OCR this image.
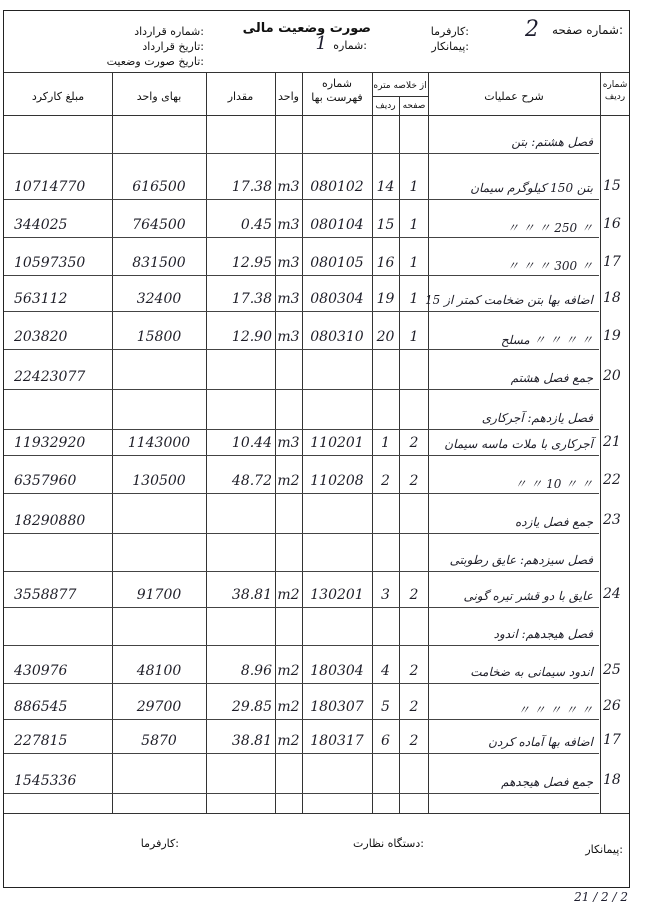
شماره صفحه:
2
کارفرما:
پیمانکار:
صورت وضعیت مالی
شماره:
1
شماره قرارداد:
تاریخ قرارداد:
تاریخ صورت وضعیت:
شماره ردیف
شرح عملیات
از خلاصه متره
صفحه
ردیف
شماره فهرست بها
واحد
مقدار
بهای واحد
مبلغ کارکرد
فصل هشتم: بتن
15
بتن 150 کیلوگرم سیمان
1
14
080102
m3
17.38
616500
10714770
16
〃 250 〃 〃 〃
1
15
080104
m3
0.45
764500
344025
17
〃 300 〃 〃 〃
1
16
080105
m3
12.95
831500
10597350
18
اضافه بها بتن ضخامت کمتر از 15
1
19
080304
m3
17.38
32400
563112
19
〃 〃 〃 〃 مسلح
1
20
080310
m3
12.90
15800
203820
20
جمع فصل هشتم
22423077
فصل یازدهم: آجرکاری
21
آجرکاری با ملات ماسه سیمان
2
1
110201
m3
10.44
1143000
11932920
22
〃 〃 10 〃 〃
2
2
110208
m2
48.72
130500
6357960
23
جمع فصل یازده
18290880
فصل سیزدهم: عایق رطوبتی
24
عایق با دو قشر تیره گونی
2
3
130201
m2
38.81
91700
3558877
فصل هیجدهم: اندود
25
اندود سیمانی به ضخامت
2
4
180304
m2
8.96
48100
430976
26
〃 〃 〃 〃 〃
2
5
180307
m2
29.85
29700
886545
17
اضافه بها آماده کردن
2
6
180317
m2
38.81
5870
227815
18
جمع فصل هیجدهم
1545336
پیمانکار:
دستگاه نظارت:
کارفرما:
21 / 2 / 2
